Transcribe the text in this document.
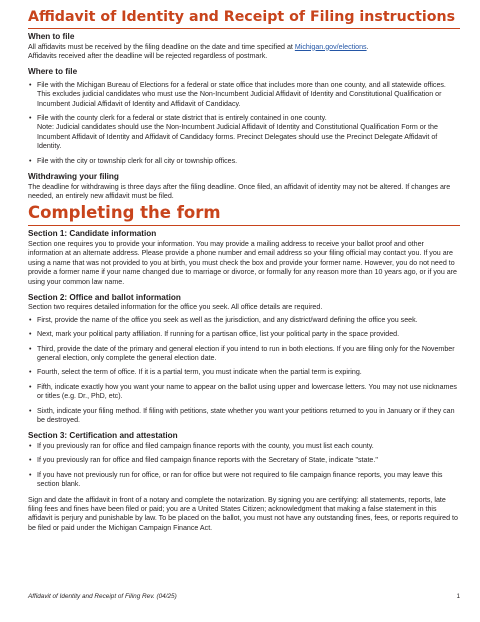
Affidavit of Identity and Receipt of Filing instructions
When to file

All affidavits must be received by the filing deadline on the date and time specified at Michigan.gov/elections.

Affidavits received after the deadline will be rejected regardless of postmark.

Where to file
• File with the Michigan Bureau of Elections for a federal or state office that includes more than one county, and all statewide offices. This excludes judicial candidates who must use the Non-Incumbent Judicial Affidavit of Identity and Constitutional Qualification or Incumbent Judicial Affidavit of Identity and Affidavit of Candidacy.
• File with the county clerk for a federal or state district that is entirely contained in one county.
Note: Judicial candidates should use the Non-Incumbent Judicial Affidavit of Identity and Constitutional Qualification Form or the Incumbent Affidavit of Identity and Affidavit of Candidacy forms. Precinct Delegates should use the Precinct Delegate Affidavit of Identity.
• File with the city or township clerk for all city or township offices.
Withdrawing your filing

The deadline for withdrawing is three days after the filing deadline. Once filed, an affidavit of identity may not be altered. If changes are needed, an entirely new affidavit must be filed.

Completing the form
Section 1: Candidate information

Section one requires you to provide your information. You may provide a mailing address to receive your ballot proof and other information at an alternate address. Please provide a phone number and email address so your filing official may contact you. If you are using a name that was not provided to you at birth, you must check the box and provide your former name. However, you do not need to provide a former name if your name changed due to marriage or divorce, or formally for any reason more than 10 years ago, or if you are using your common law name.

Section 2: Office and ballot information

Section two requires detailed information for the office you seek. All office details are required.

• First, provide the name of the office you seek as well as the jurisdiction, and any district/ward defining the office you seek.
• Next, mark your political party affiliation. If running for a partisan office, list your political party in the space provided.
• Third, provide the date of the primary and general election if you intend to run in both elections. If you are filing only for the November general election, only complete the general election date.
• Fourth, select the term of office. If it is a partial term, you must indicate when the partial term is expiring.
• Fifth, indicate exactly how you want your name to appear on the ballot using upper and lowercase letters. You may not use nicknames or titles (e.g. Dr., PhD, etc).
• Sixth, indicate your filing method. If filing with petitions, state whether you want your petitions returned to you in January or if they can be destroyed.
Section 3: Certification and attestation
• If you previously ran for office and filed campaign finance reports with the county, you must list each county.
• If you previously ran for office and filed campaign finance reports with the Secretary of State, indicate "state."
• If you have not previously run for office, or ran for office but were not required to file campaign finance reports, you may leave this section blank.

Sign and date the affidavit in front of a notary and complete the notarization. By signing you are certifying: all statements, reports, late filing fees and fines have been filed or paid; you are a United States Citizen; acknowledgment that making a false statement in this affidavit is perjury and punishable by law. To be placed on the ballot, you must not have any outstanding fines, fees, or reports required to be filed or paid under the Michigan Campaign Finance Act.

Affidavit of Identity and Receipt of Filing Rev. (04/25)	1
